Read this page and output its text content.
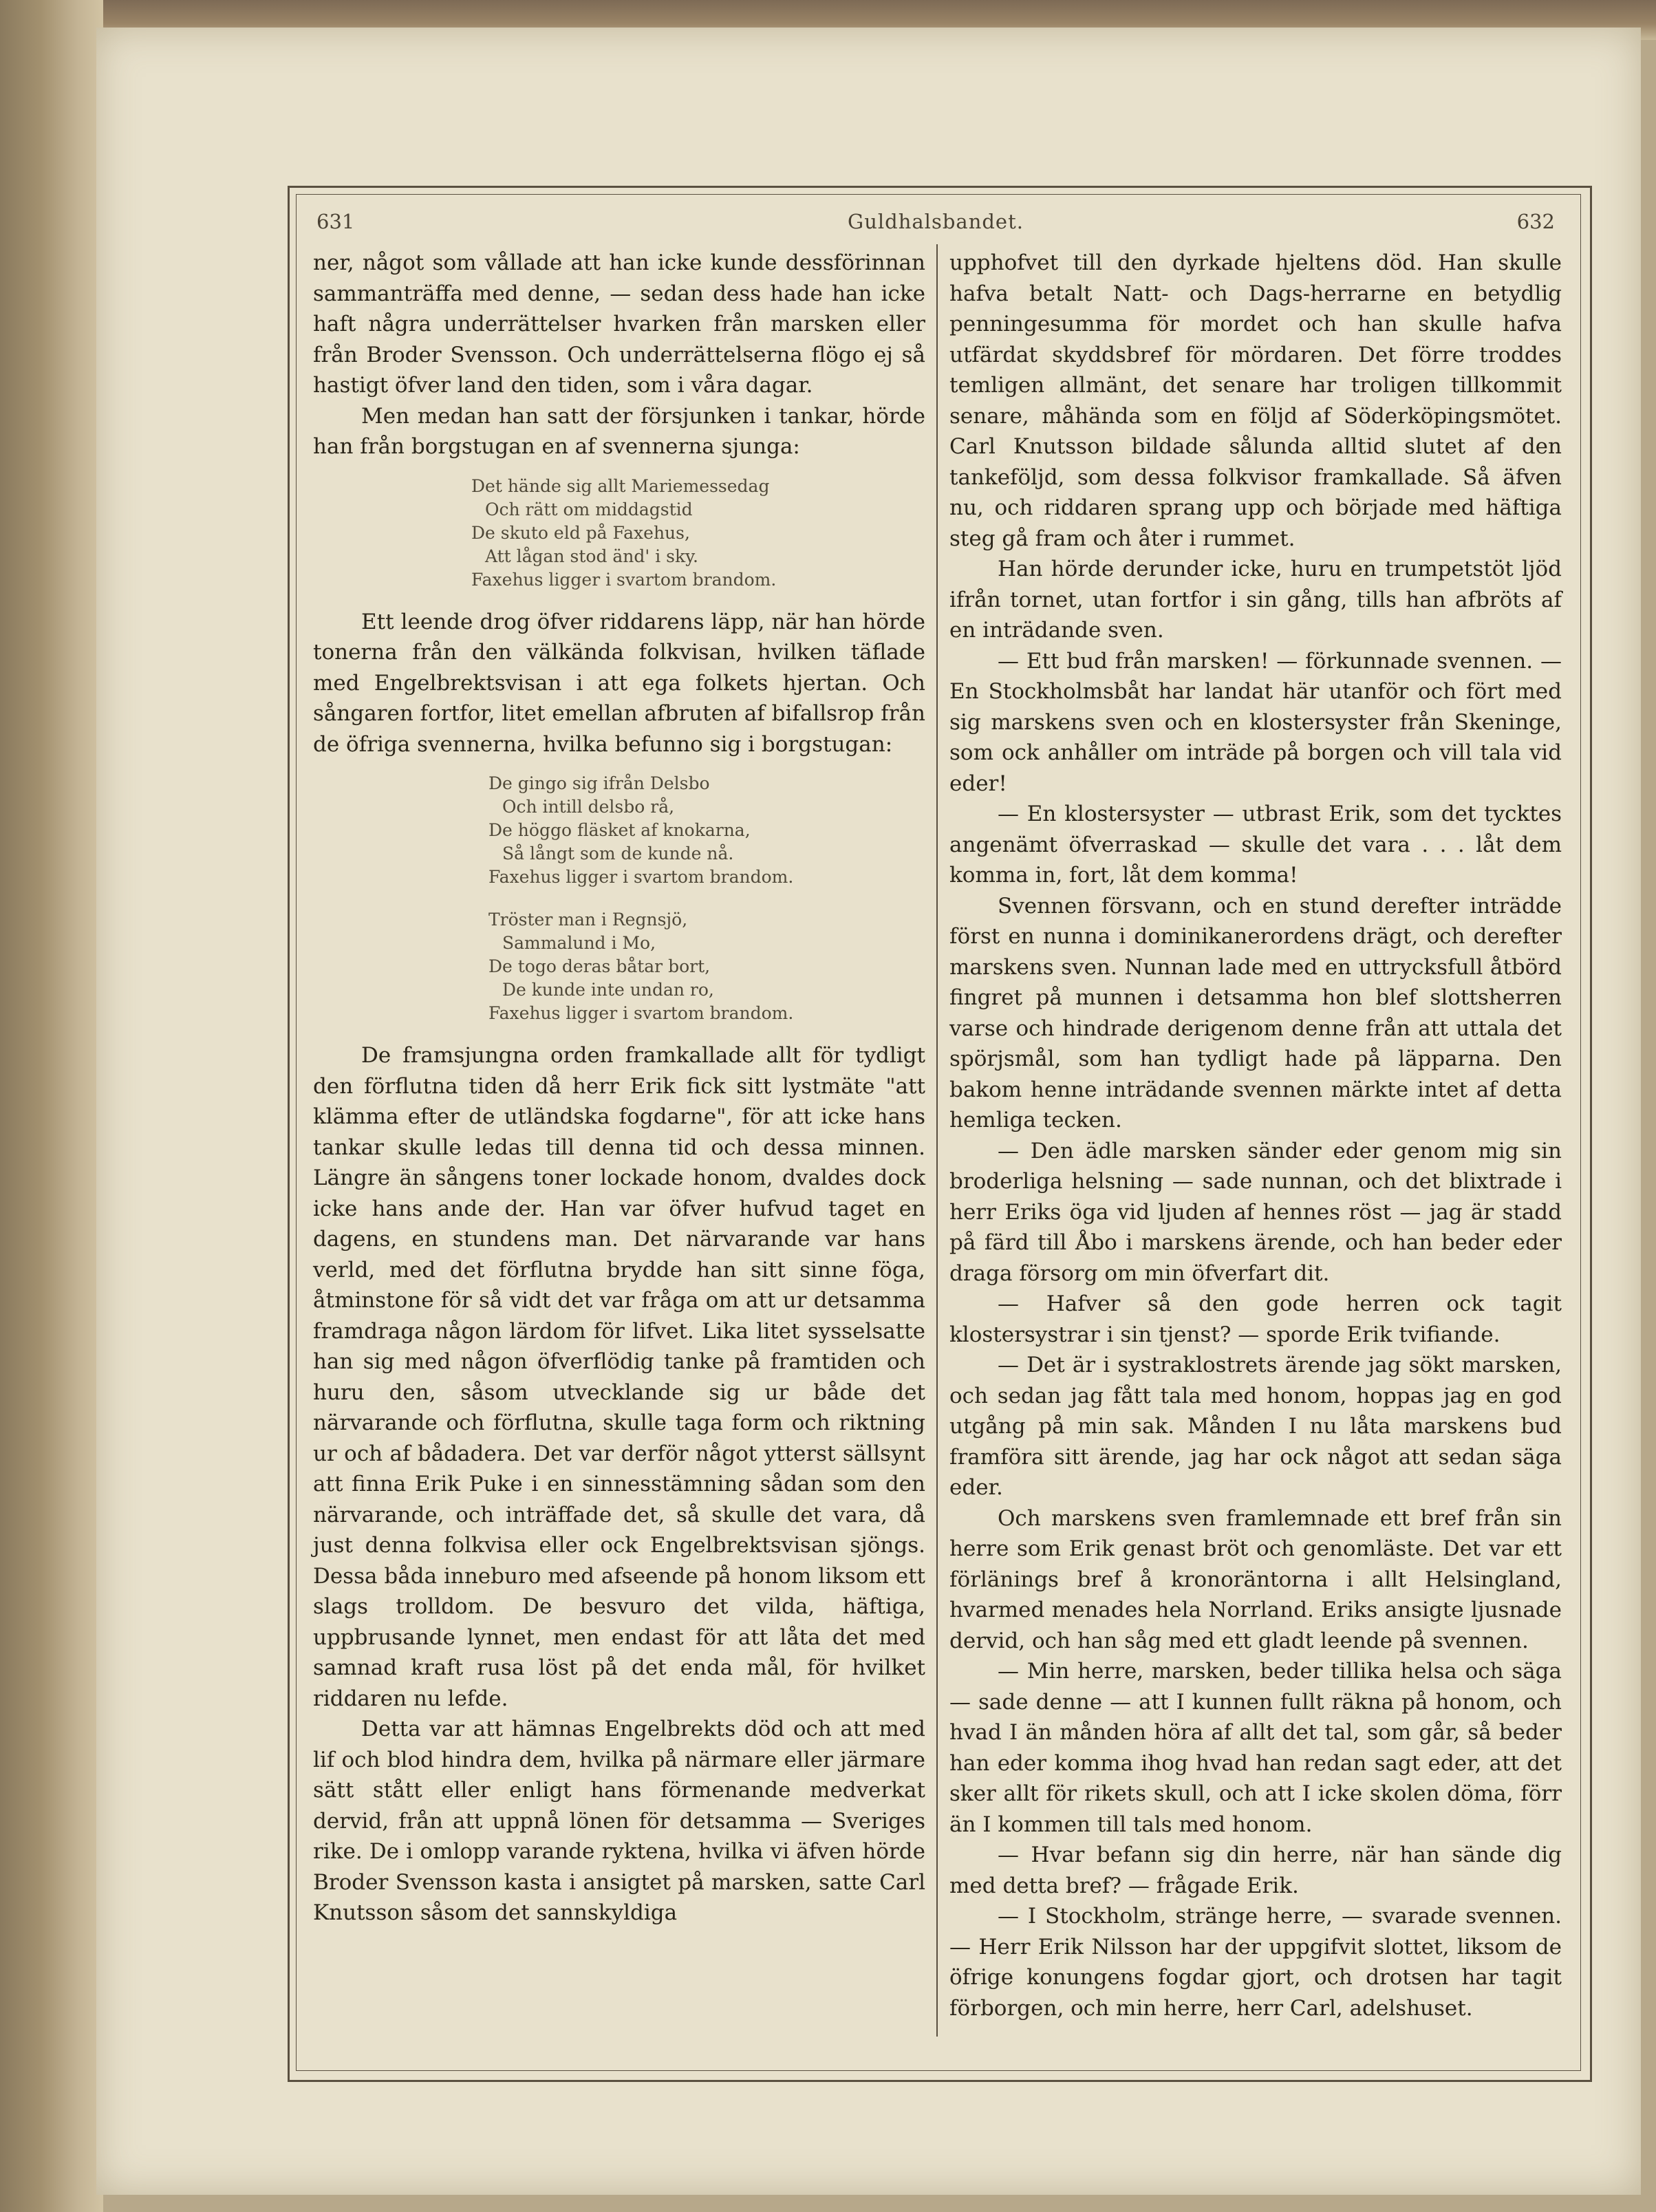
631	Guldhalsbandet.	632

ner, något som vållade att han icke kunde dessförinnan sammanträffa med denne, — sedan dess hade han icke haft några underrättelser hvarken från marsken eller från Broder Svensson. Och underrättelserna flögo ej så hastigt öfver land den tiden, som i våra dagar.

Men medan han satt der försjunken i tankar, hörde han från borgstugan en af svennerna sjunga:

Det hände sig allt Mariemessedag
Och rätt om middagstid
De skuto eld på Faxehus,
Att lågan stod änd' i sky.
Faxehus ligger i svartom brandom.

Ett leende drog öfver riddarens läpp, när han hörde tonerna från den välkända folkvisan, hvilken täflade med Engelbrektsvisan i att ega folkets hjertan. Och sångaren fortfor, litet emellan afbruten af bifallsrop från de öfriga svennerna, hvilka befunno sig i borgstugan:

De gingo sig ifrån Delsbo
Och intill delsbo rå,
De höggo fläsket af knokarna,
Så långt som de kunde nå.
Faxehus ligger i svartom brandom.
Tröster man i Regnsjö,
Sammalund i Mo,
De togo deras båtar bort,
De kunde inte undan ro,
Faxehus ligger i svartom brandom.

De framsjungna orden framkallade allt för tydligt den förflutna tiden då herr Erik fick sitt lystmäte "att klämma efter de utländska fogdarne", för att icke hans tankar skulle ledas till denna tid och dessa minnen. Längre än sångens toner lockade honom, dvaldes dock icke hans ande der. Han var öfver hufvud taget en dagens, en stundens man. Det närvarande var hans verld, med det förflutna brydde han sitt sinne föga, åtminstone för så vidt det var fråga om att ur detsamma framdraga någon lärdom för lifvet. Lika litet sysselsatte han sig med någon öfverflödig tanke på framtiden och huru den, såsom utvecklande sig ur både det närvarande och förflutna, skulle taga form och riktning ur och af bådadera. Det var derför något ytterst sällsynt att finna Erik Puke i en sinnesstämning sådan som den närvarande, och inträffade det, så skulle det vara, då just denna folkvisa eller ock Engelbrektsvisan sjöngs. Dessa båda inneburo med afseende på honom liksom ett slags trolldom. De besvuro det vilda, häftiga, uppbrusande lynnet, men endast för att låta det med samnad kraft rusa löst på det enda mål, för hvilket riddaren nu lefde.

Detta var att hämnas Engelbrekts död och att med lif och blod hindra dem, hvilka på närmare eller järmare sätt stått eller enligt hans förmenande medverkat dervid, från att uppnå lönen för detsamma — Sveriges rike. De i omlopp varande ryktena, hvilka vi äfven hörde Broder Svensson kasta i ansigtet på marsken, satte Carl Knutsson såsom det sannskyldiga

upphofvet till den dyrkade hjeltens död. Han skulle hafva betalt Natt- och Dags-herrarne en betydlig penningesumma för mordet och han skulle hafva utfärdat skyddsbref för mördaren. Det förre troddes temligen allmänt, det senare har troligen tillkommit senare, måhända som en följd af Söderköpingsmötet. Carl Knutsson bildade sålunda alltid slutet af den tankeföljd, som dessa folkvisor framkallade. Så äfven nu, och riddaren sprang upp och började med häftiga steg gå fram och åter i rummet.

Han hörde derunder icke, huru en trumpetstöt ljöd ifrån tornet, utan fortfor i sin gång, tills han afbröts af en inträdande sven.

— Ett bud från marsken! — förkunnade svennen. — En Stockholmsbåt har landat här utanför och fört med sig marskens sven och en klostersyster från Skeninge, som ock anhåller om inträde på borgen och vill tala vid eder!

— En klostersyster — utbrast Erik, som det tycktes angenämt öfverraskad — skulle det vara . . . låt dem komma in, fort, låt dem komma!

Svennen försvann, och en stund derefter inträdde först en nunna i dominikanerordens drägt, och derefter marskens sven. Nunnan lade med en uttrycksfull åtbörd fingret på munnen i detsamma hon blef slottsherren varse och hindrade derigenom denne från att uttala det spörjsmål, som han tydligt hade på läpparna. Den bakom henne inträdande svennen märkte intet af detta hemliga tecken.

— Den ädle marsken sänder eder genom mig sin broderliga helsning — sade nunnan, och det blixtrade i herr Eriks öga vid ljuden af hennes röst — jag är stadd på färd till Åbo i marskens ärende, och han beder eder draga försorg om min öfverfart dit.

— Hafver så den gode herren ock tagit klostersystrar i sin tjenst? — sporde Erik tvifiande.

— Det är i systraklostrets ärende jag sökt marsken, och sedan jag fått tala med honom, hoppas jag en god utgång på min sak. Månden I nu låta marskens bud framföra sitt ärende, jag har ock något att sedan säga eder.

Och marskens sven framlemnade ett bref från sin herre som Erik genast bröt och genomläste. Det var ett förlänings bref å kronoräntorna i allt Helsingland, hvarmed menades hela Norrland. Eriks ansigte ljusnade dervid, och han såg med ett gladt leende på svennen.

— Min herre, marsken, beder tillika helsa och säga — sade denne — att I kunnen fullt räkna på honom, och hvad I än månden höra af allt det tal, som går, så beder han eder komma ihog hvad han redan sagt eder, att det sker allt för rikets skull, och att I icke skolen döma, förr än I kommen till tals med honom.

— Hvar befann sig din herre, när han sände dig med detta bref? — frågade Erik.

— I Stockholm, stränge herre, — svarade svennen. — Herr Erik Nilsson har der uppgifvit slottet, liksom de öfrige konungens fogdar gjort, och drotsen har tagit förborgen, och min herre, herr Carl, adelshuset.
